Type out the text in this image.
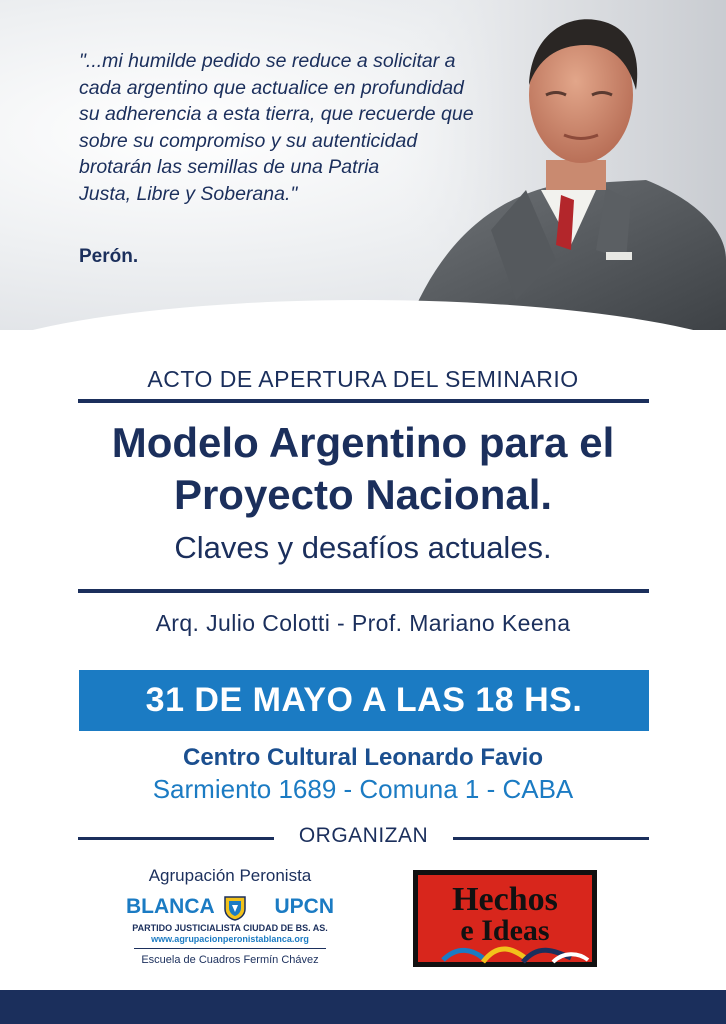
"...mi humilde pedido se reduce a solicitar a
cada argentino que actualice en profundidad
su adherencia a esta tierra, que recuerde que
sobre su compromiso y su autenticidad
brotarán las semillas de una Patria
Justa, Libre y Soberana."

Perón.
ACTO DE APERTURA DEL SEMINARIO
Modelo Argentino para el
Proyecto Nacional.
Claves y desafíos actuales.
Arq. Julio Colotti - Prof. Mariano Keena
31 DE MAYO A LAS 18 HS.
Centro Cultural Leonardo Favio
Sarmiento 1689 - Comuna 1 - CABA
ORGANIZAN
Agrupación Peronista
BLANCA	UPCN
PARTIDO JUSTICIALISTA CIUDAD DE BS. AS.
www.agrupacionperonistablanca.org
Escuela de Cuadros Fermín Chávez
Hechos
e Ideas
